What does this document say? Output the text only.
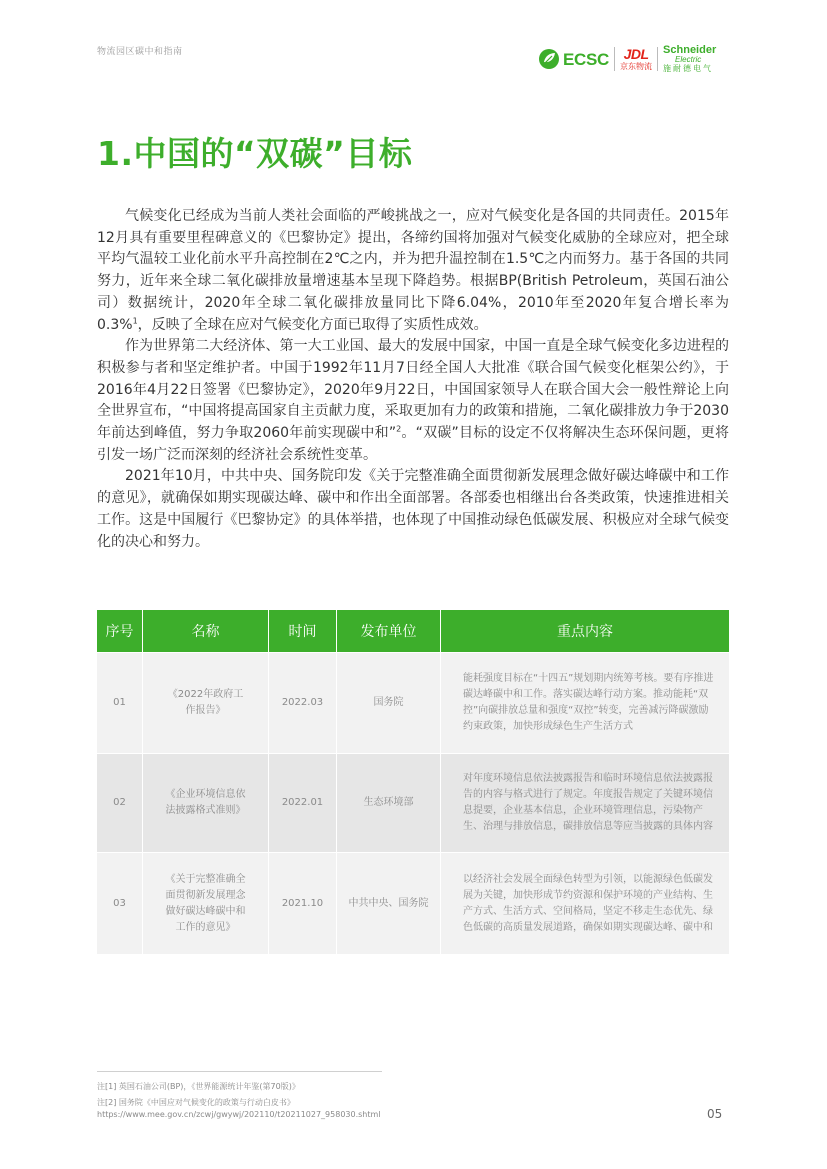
物流园区碳中和指南	ECSC JDL
京东物流
Schneider
Electric
施耐德电气
1.中国的“双碳”目标

气候变化已经成为当前人类社会面临的严峻挑战之一，应对气候变化是各国的共同责任。2015年12月具有重要里程碑意义的《巴黎协定》提出，各缔约国将加强对气候变化威胁的全球应对，把全球平均气温较工业化前水平升高控制在2℃之内，并为把升温控制在1.5℃之内而努力。基于各国的共同努力，近年来全球二氧化碳排放量增速基本呈现下降趋势。根据BP(British Petroleum，英国石油公司）数据统计，2020年全球二氧化碳排放量同比下降6.04%，2010年至2020年复合增长率为0.3%$^1$，反映了全球在应对气候变化方面已取得了实质性成效。

作为世界第二大经济体、第一大工业国、最大的发展中国家，中国一直是全球气候变化多边进程的积极参与者和坚定维护者。中国于1992年11月7日经全国人大批准《联合国气候变化框架公约》，于2016年4月22日签署《巴黎协定》，2020年9月22日，中国国家领导人在联合国大会一般性辩论上向全世界宣布，“中国将提高国家自主贡献力度，采取更加有力的政策和措施，二氧化碳排放力争于2030年前达到峰值，努力争取2060年前实现碳中和”$^2$。“双碳”目标的设定不仅将解决生态环保问题，更将引发一场广泛而深刻的经济社会系统性变革。

2021年10月，中共中央、国务院印发《关于完整准确全面贯彻新发展理念做好碳达峰碳中和工作的意见》，就确保如期实现碳达峰、碳中和作出全面部署。各部委也相继出台各类政策，快速推进相关工作。这是中国履行《巴黎协定》的具体举措，也体现了中国推动绿色低碳发展、积极应对全球气候变化的决心和努力。

序号	名称	时间	发布单位	重点内容
01	《2022年政府工作报告》	2022.03	国务院	能耗强度目标在“十四五”规划期内统筹考核。要有序推进碳达峰碳中和工作。落实碳达峰行动方案。推动能耗“双控”向碳排放总量和强度“双控”转变，完善减污降碳激励约束政策，加快形成绿色生产生活方式
02	《企业环境信息依法披露格式准则》	2022.01	生态环境部	对年度环境信息依法披露报告和临时环境信息依法披露报告的内容与格式进行了规定。年度报告规定了关键环境信息提要，企业基本信息，企业环境管理信息，污染物产生、治理与排放信息，碳排放信息等应当披露的具体内容
03	《关于完整准确全面贯彻新发展理念做好碳达峰碳中和工作的意见》	2021.10	中共中央、国务院	以经济社会发展全面绿色转型为引领，以能源绿色低碳发展为关键，加快形成节约资源和保护环境的产业结构、生产方式、生活方式、空间格局，坚定不移走生态优先、绿色低碳的高质量发展道路，确保如期实现碳达峰、碳中和
注[1] 英国石油公司(BP)，《世界能源统计年鉴(第70版)》
注[2] 国务院《中国应对气候变化的政策与行动白皮书》
https://www.mee.gov.cn/zcwj/gwywj/202110/t20211027_958030.shtml	05
